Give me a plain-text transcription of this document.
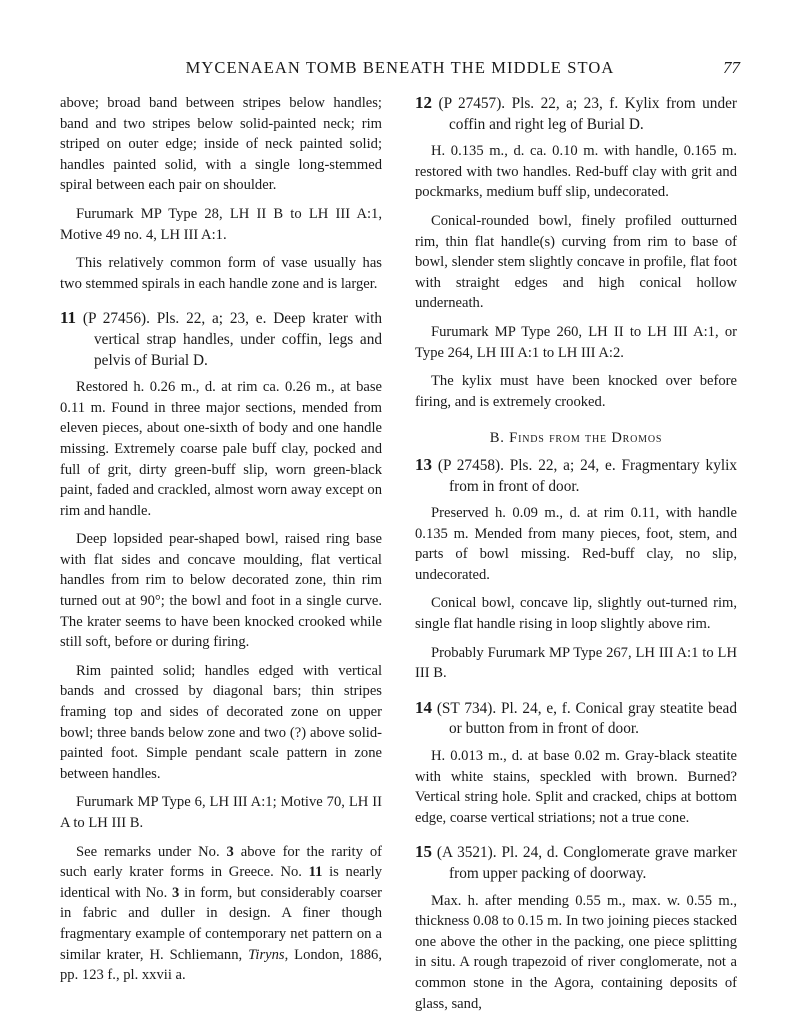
MYCENAEAN TOMB BENEATH THE MIDDLE STOA	77

above; broad band between stripes below handles; band and two stripes below solid-painted neck; rim striped on outer edge; inside of neck painted solid; handles painted solid, with a single long-stemmed spiral between each pair on shoulder.

Furumark MP Type 28, LH II B to LH III A:1, Motive 49 no. 4, LH III A:1.

This relatively common form of vase usually has two stemmed spirals in each handle zone and is larger.

11 (P 27456). Pls. 22, a; 23, e. Deep krater with vertical strap handles, under coffin, legs and pelvis of Burial D.

Restored h. 0.26 m., d. at rim ca. 0.26 m., at base 0.11 m. Found in three major sections, mended from eleven pieces, about one-sixth of body and one handle missing. Extremely coarse pale buff clay, pocked and full of grit, dirty green-buff slip, worn green-black paint, faded and crackled, almost worn away except on rim and handle.

Deep lopsided pear-shaped bowl, raised ring base with flat sides and concave moulding, flat vertical handles from rim to below decorated zone, thin rim turned out at 90°; the bowl and foot in a single curve. The krater seems to have been knocked crooked while still soft, before or during firing.

Rim painted solid; handles edged with vertical bands and crossed by diagonal bars; thin stripes framing top and sides of decorated zone on upper bowl; three bands below zone and two (?) above solid-painted foot. Simple pendant scale pattern in zone between handles.

Furumark MP Type 6, LH III A:1; Motive 70, LH II A to LH III B.

See remarks under No. 3 above for the rarity of such early krater forms in Greece. No. 11 is nearly identical with No. 3 in form, but considerably coarser in fabric and duller in design. A finer though fragmentary example of contemporary net pattern on a similar krater, H. Schliemann, Tiryns, London, 1886, pp. 123 f., pl. xxvii a.

12 (P 27457). Pls. 22, a; 23, f. Kylix from under coffin and right leg of Burial D.

H. 0.135 m., d. ca. 0.10 m. with handle, 0.165 m. restored with two handles. Red-buff clay with grit and pockmarks, medium buff slip, undecorated.

Conical-rounded bowl, finely profiled outturned rim, thin flat handle(s) curving from rim to base of bowl, slender stem slightly concave in profile, flat foot with straight edges and high conical hollow underneath.

Furumark MP Type 260, LH II to LH III A:1, or Type 264, LH III A:1 to LH III A:2.

The kylix must have been knocked over before firing, and is extremely crooked.

B. Finds from the Dromos
13 (P 27458). Pls. 22, a; 24, e. Fragmentary kylix from in front of door.

Preserved h. 0.09 m., d. at rim 0.11, with handle 0.135 m. Mended from many pieces, foot, stem, and parts of bowl missing. Red-buff clay, no slip, undecorated.

Conical bowl, concave lip, slightly out-turned rim, single flat handle rising in loop slightly above rim.

Probably Furumark MP Type 267, LH III A:1 to LH III B.

14 (ST 734). Pl. 24, e, f. Conical gray steatite bead or button from in front of door.

H. 0.013 m., d. at base 0.02 m. Gray-black steatite with white stains, speckled with brown. Burned? Vertical string hole. Split and cracked, chips at bottom edge, coarse vertical striations; not a true cone.

15 (A 3521). Pl. 24, d. Conglomerate grave marker from upper packing of doorway.

Max. h. after mending 0.55 m., max. w. 0.55 m., thickness 0.08 to 0.15 m. In two joining pieces stacked one above the other in the packing, one piece splitting in situ. A rough trapezoid of river conglomerate, not a common stone in the Agora, containing deposits of glass, sand,
